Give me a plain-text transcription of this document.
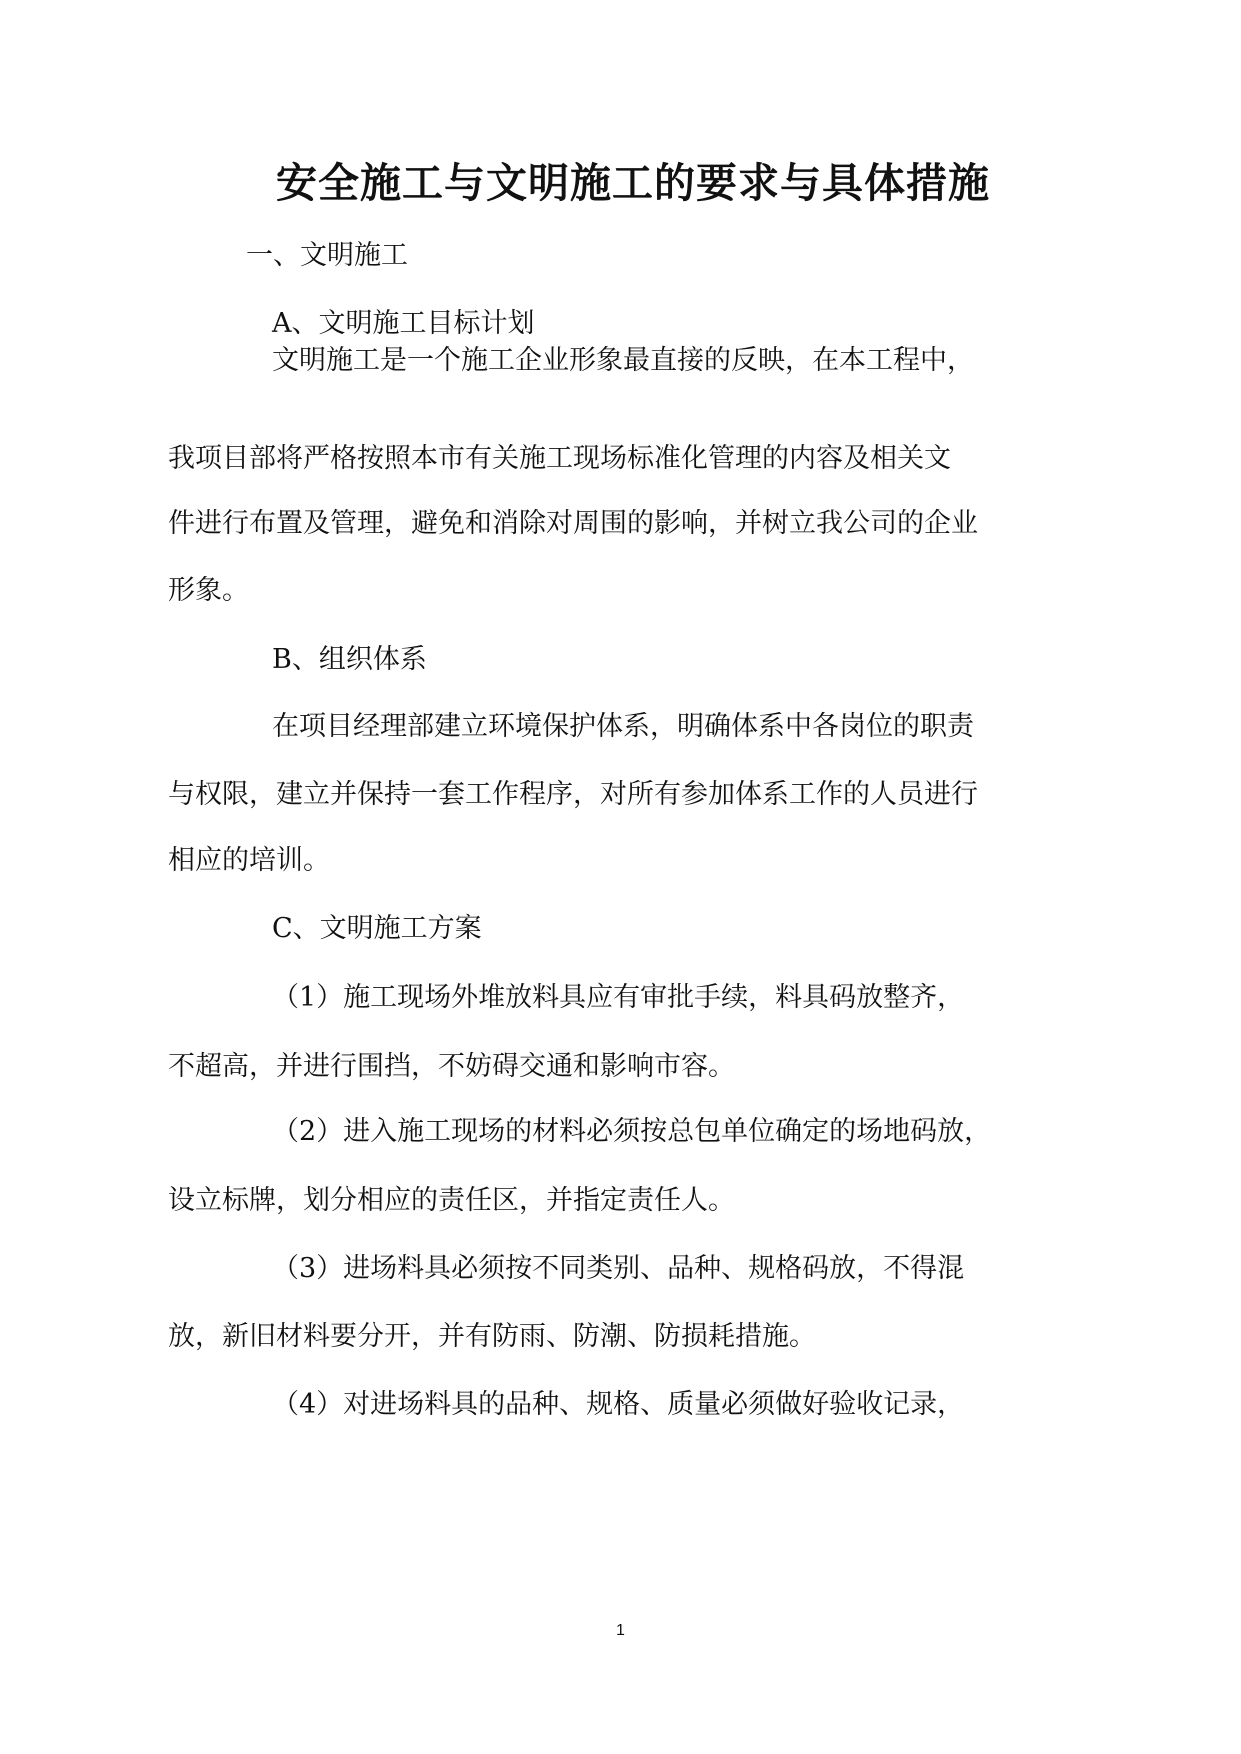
安全施工与文明施工的要求与具体措施
一、文明施工
A、文明施工目标计划
文明施工是一个施工企业形象最直接的反映，在本工程中，
我项目部将严格按照本市有关施工现场标准化管理的内容及相关文
件进行布置及管理，避免和消除对周围的影响，并树立我公司的企业
形象。
B、组织体系
在项目经理部建立环境保护体系，明确体系中各岗位的职责
与权限，建立并保持一套工作程序，对所有参加体系工作的人员进行
相应的培训。
C、文明施工方案
（1）施工现场外堆放料具应有审批手续，料具码放整齐，
不超高，并进行围挡，不妨碍交通和影响市容。
（2）进入施工现场的材料必须按总包单位确定的场地码放，
设立标牌，划分相应的责任区，并指定责任人。
（3）进场料具必须按不同类别、品种、规格码放，不得混
放，新旧材料要分开，并有防雨、防潮、防损耗措施。
（4）对进场料具的品种、规格、质量必须做好验收记录，
1
